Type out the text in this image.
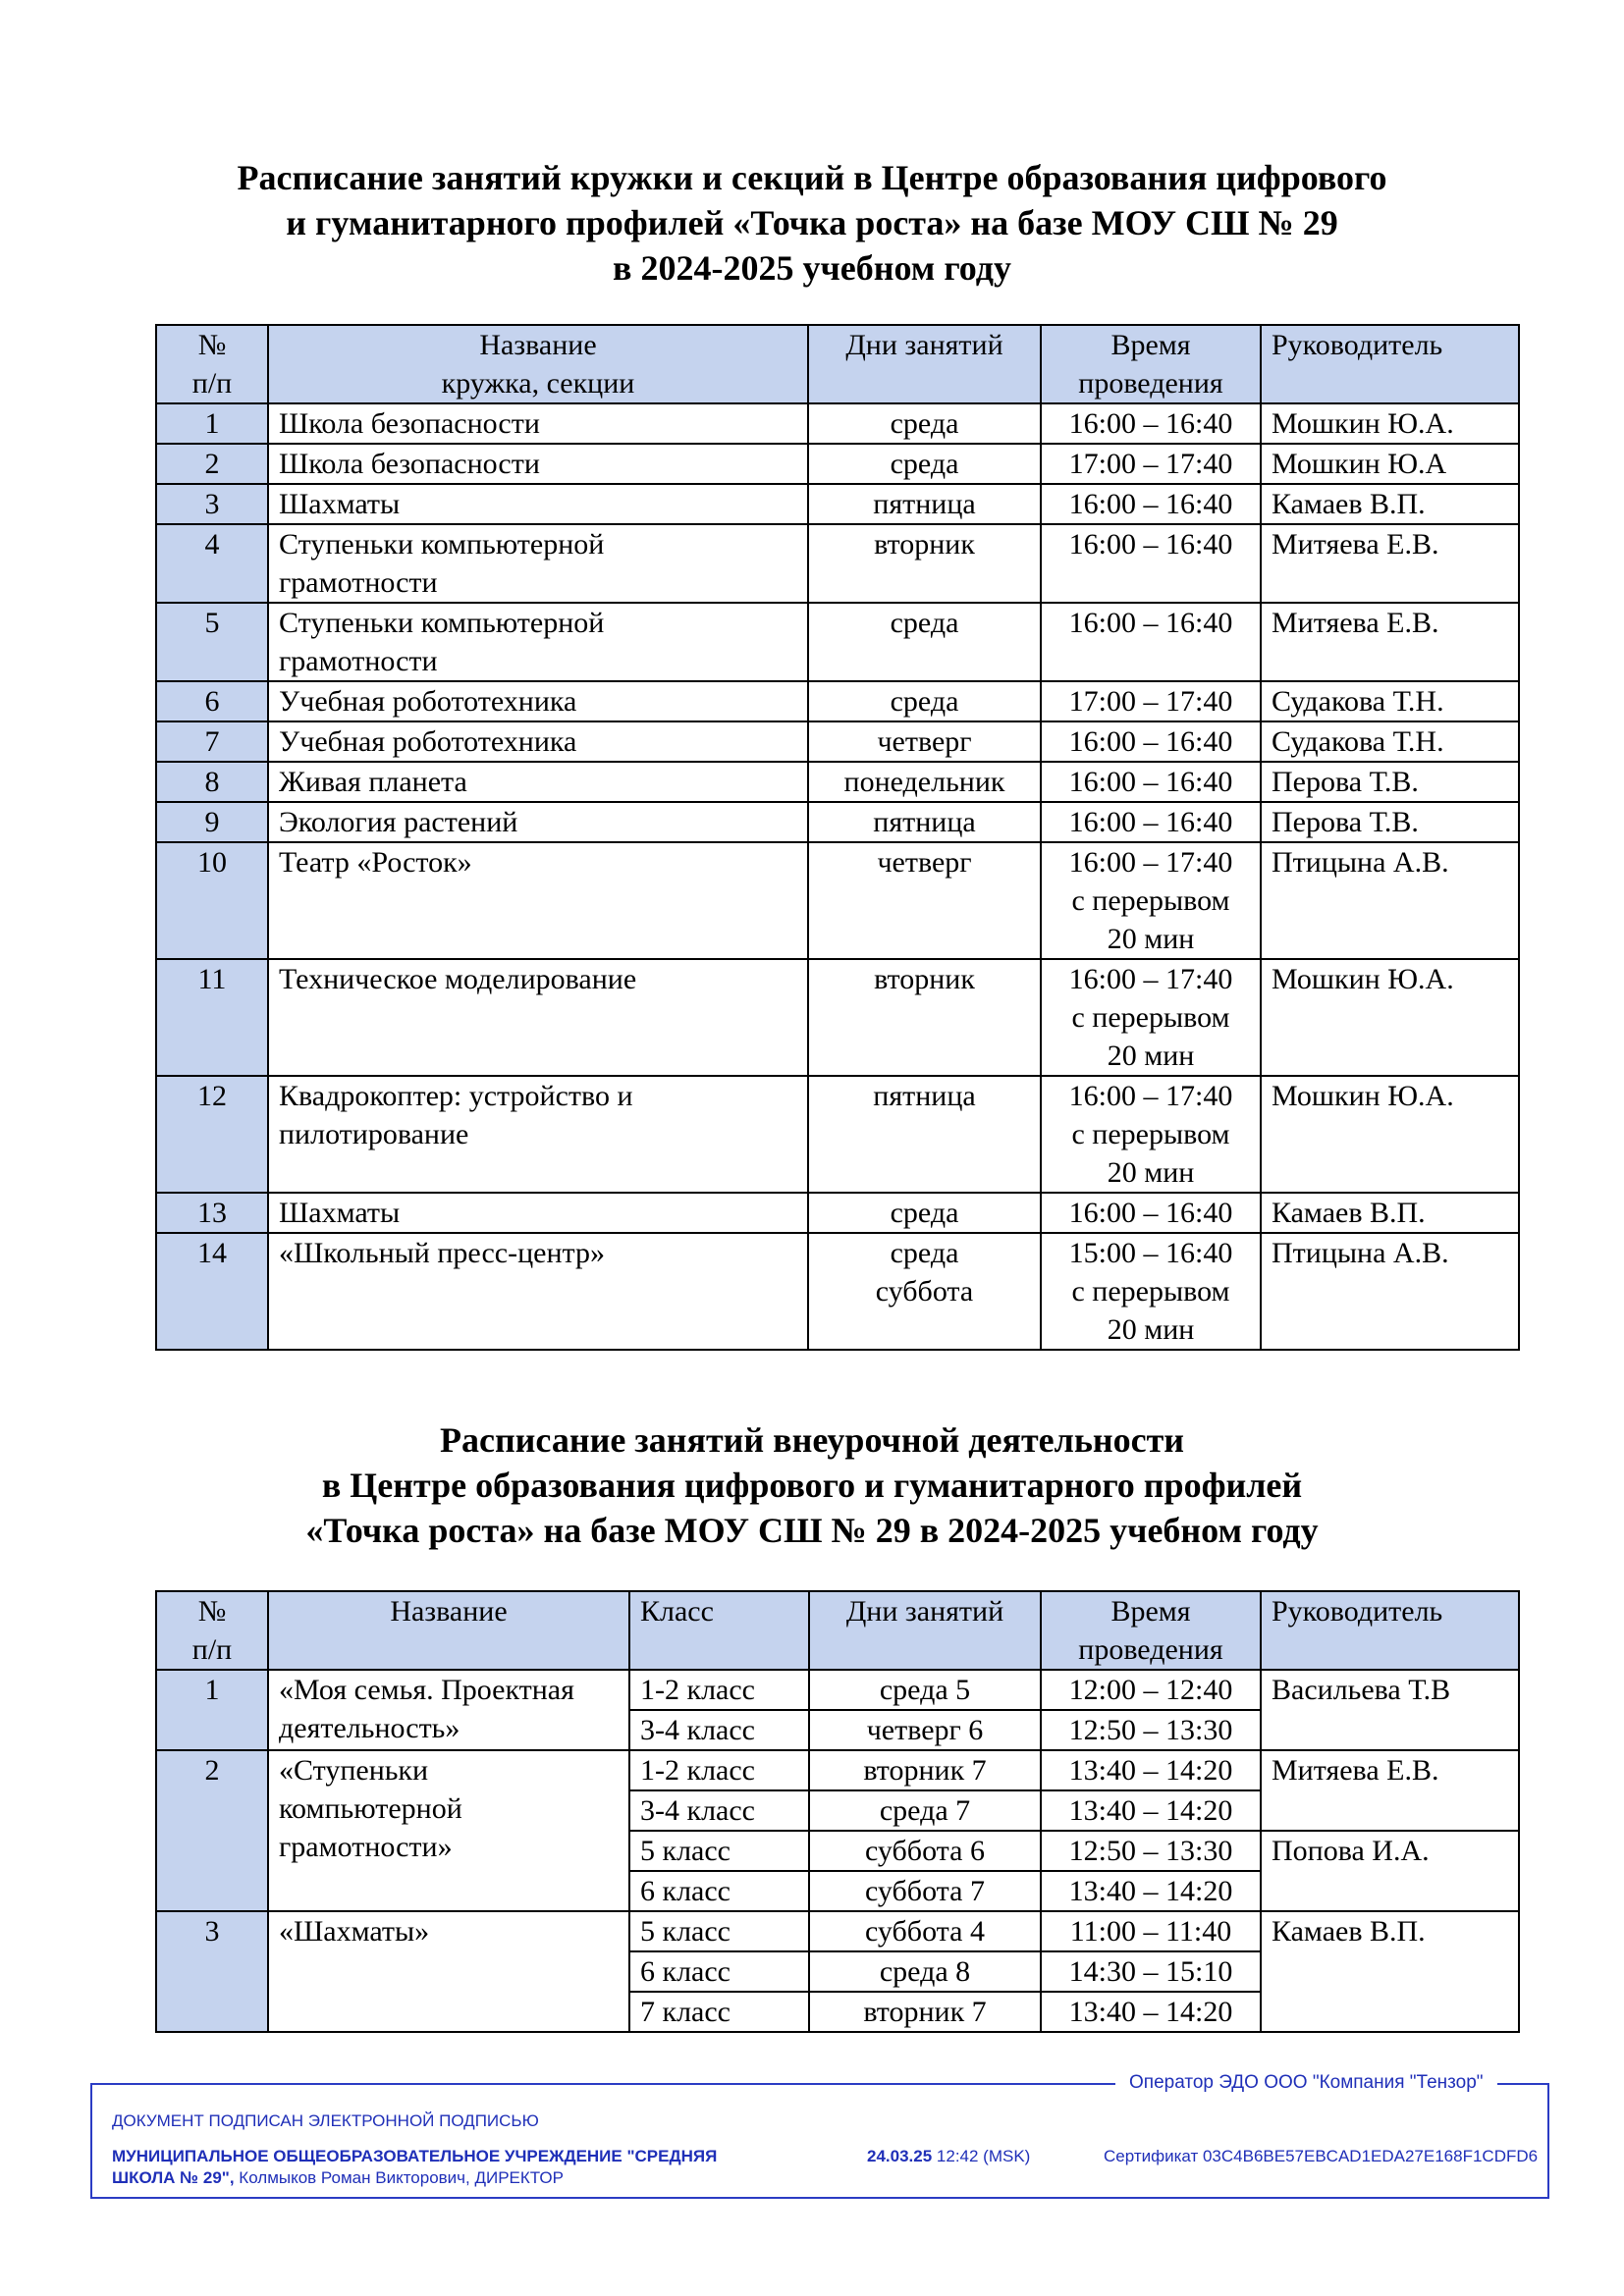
Расписание занятий кружки и секций в Центре образования цифрового
и гуманитарного профилей «Точка роста» на базе МОУ СШ № 29
в 2024-2025 учебном году
№
п/п	Название
кружка, секции	Дни занятий	Время
проведения	Руководитель
1	Школа безопасности	среда	16:00 – 16:40	Мошкин Ю.А.
2	Школа безопасности	среда	17:00 – 17:40	Мошкин Ю.А
3	Шахматы	пятница	16:00 – 16:40	Камаев В.П.
4	Ступеньки компьютерной
грамотности	вторник	16:00 – 16:40	Митяева Е.В.
5	Ступеньки компьютерной
грамотности	среда	16:00 – 16:40	Митяева Е.В.
6	Учебная робототехника	среда	17:00 – 17:40	Судакова Т.Н.
7	Учебная робототехника	четверг	16:00 – 16:40	Судакова Т.Н.
8	Живая планета	понедельник	16:00 – 16:40	Перова Т.В.
9	Экология растений	пятница	16:00 – 16:40	Перова Т.В.
10	Театр «Росток»	четверг	16:00 – 17:40
с перерывом
20 мин	Птицына А.В.
11	Техническое моделирование	вторник	16:00 – 17:40
с перерывом
20 мин	Мошкин Ю.А.
12	Квадрокоптер: устройство и
пилотирование	пятница	16:00 – 17:40
с перерывом
20 мин	Мошкин Ю.А.
13	Шахматы	среда	16:00 – 16:40	Камаев В.П.
14	«Школьный пресс-центр»	среда
суббота	15:00 – 16:40
с перерывом
20 мин	Птицына А.В.
Расписание занятий внеурочной деятельности
в Центре образования цифрового и гуманитарного профилей
«Точка роста» на базе МОУ СШ № 29 в 2024-2025 учебном году
№
п/п	Название	Класс	Дни занятий	Время
проведения	Руководитель
1	«Моя семья. Проектная
деятельность»	1-2 класс	среда 5	12:00 – 12:40	Васильева Т.В
		3-4 класс	четверг 6	12:50 – 13:30	
2	«Ступеньки
компьютерной
грамотности»	1-2 класс	вторник 7	13:40 – 14:20	Митяева Е.В.
		3-4 класс	среда 7	13:40 – 14:20	
		5 класс	суббота 6	12:50 – 13:30	Попова И.А.
		6 класс	суббота 7	13:40 – 14:20	
3	«Шахматы»	5 класс	суббота 4	11:00 – 11:40	Камаев В.П.
		6 класс	среда 8	14:30 – 15:10	
		7 класс	вторник 7	13:40 – 14:20	
ДОКУМЕНТ ПОДПИСАН ЭЛЕКТРОННОЙ ПОДПИСЬЮ
МУНИЦИПАЛЬНОЕ ОБЩЕОБРАЗОВАТЕЛЬНОЕ УЧРЕЖДЕНИЕ "СРЕДНЯЯ
ШКОЛА № 29", Колмыков Роман Викторович, ДИРЕКТОР
24.03.25 12:42 (MSK)	Сертификат 03C4B6BE57EBCAD1EDA27E168F1CDFD6
Оператор ЭДО ООО "Компания "Тензор"
